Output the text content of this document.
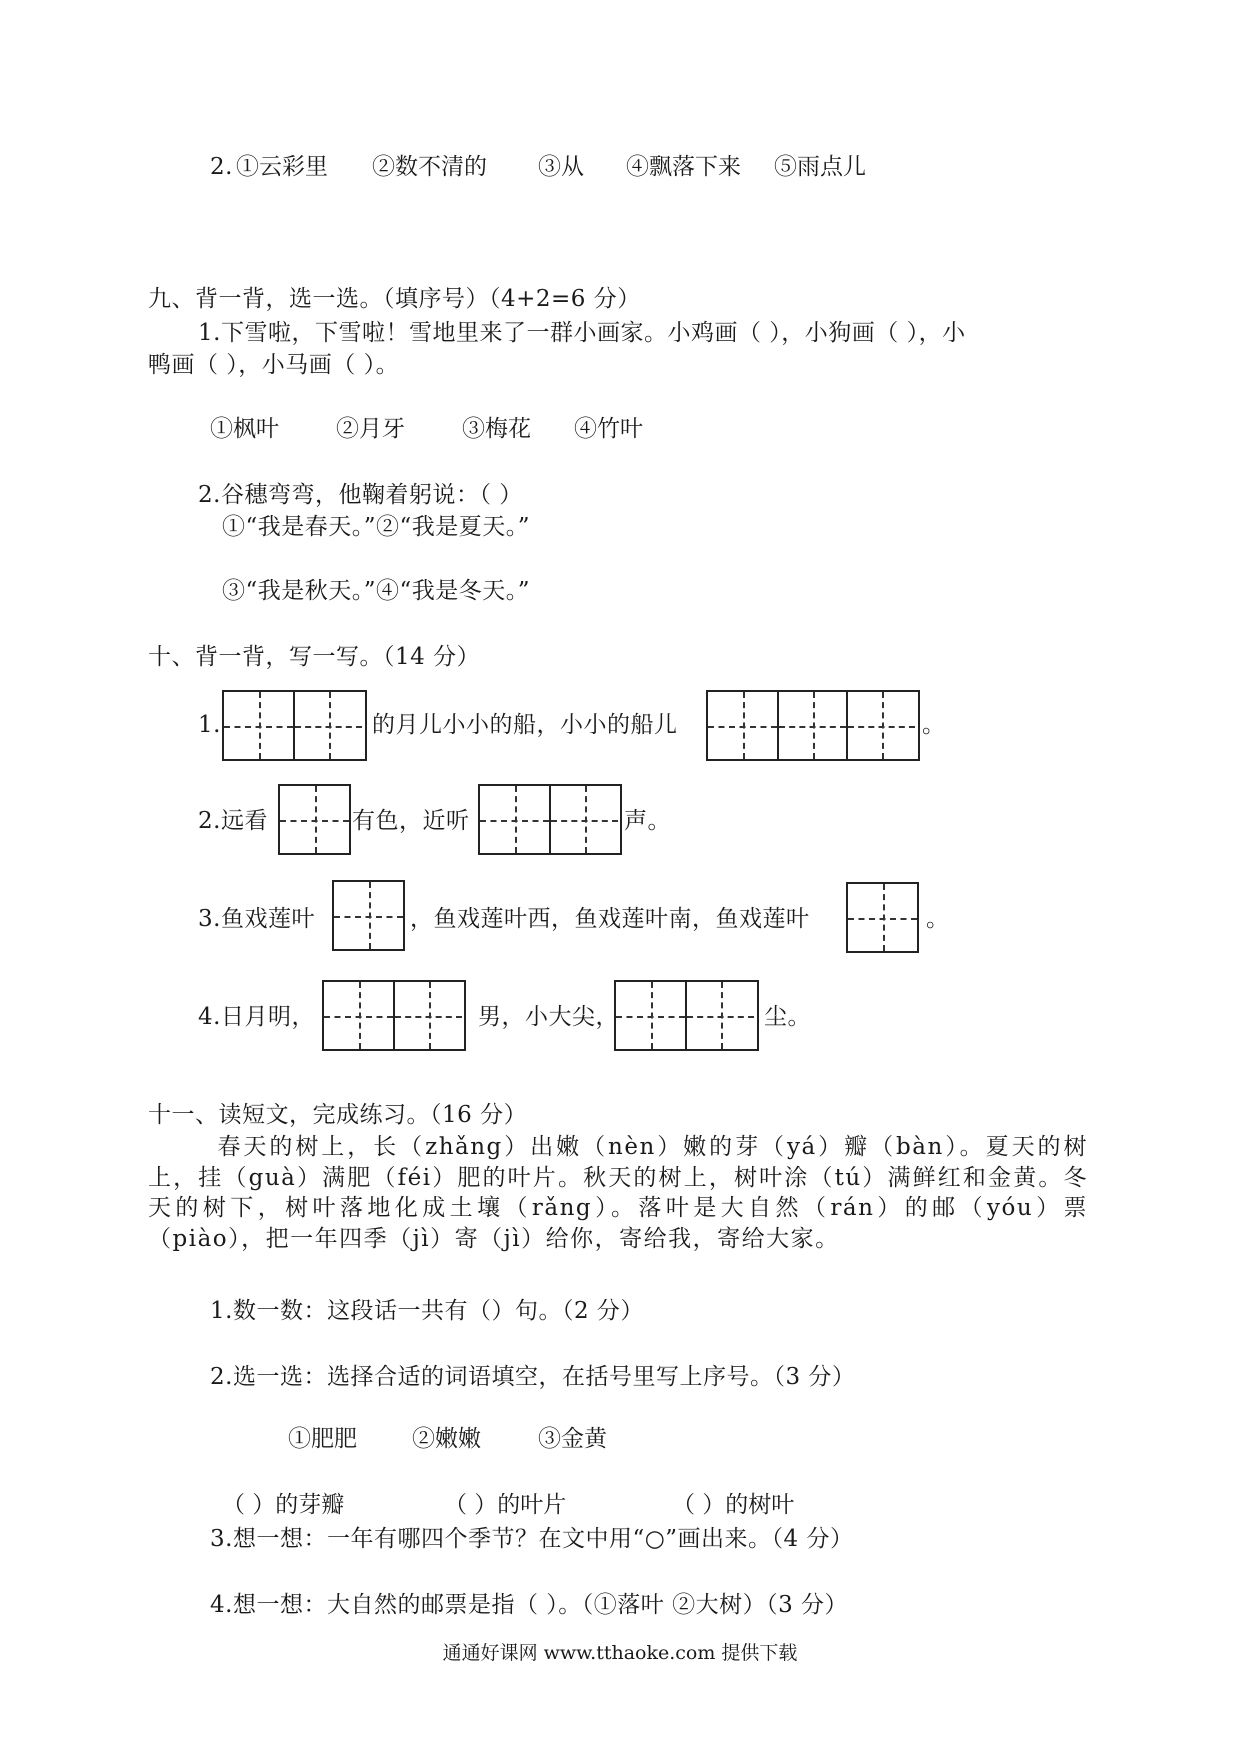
2. ①云彩里 ②数不清的 ③从 ④飘落下来 ⑤雨点儿
九、背一背，选一选。（填序号）（4+2=6 分）
1.下雪啦，下雪啦！雪地里来了一群小画家。小鸡画（ ），小狗画（ ），小
鸭画（ ），小马画（ ）。
①枫叶 ②月牙 ③梅花 ④竹叶
2.谷穗弯弯，他鞠着躬说：（ ）
①“我是春天。”②“我是夏天。”
③“我是秋天。”④“我是冬天。”
十、背一背，写一写。（14 分）
1.	的月儿小小的船，小小的船儿	。
2.远看	有色，近听	声。
3.鱼戏莲叶	，鱼戏莲叶西，鱼戏莲叶南，鱼戏莲叶	。
4.日月明，	男，小大尖，	尘。
十一、读短文，完成练习。（16 分）
春天的树上，长（zhǎng）出嫩（nèn）嫩的芽（yá）瓣（bàn）。夏天的树上，挂（guà）满肥（féi）肥的叶片。秋天的树上，树叶涂（tú）满鲜红和金黄。冬天的树下，树叶落地化成土壤（rǎng）。落叶是大自然（rán）的邮（yóu）票（piào），把一年四季（jì）寄（jì）给你，寄给我，寄给大家。
1.数一数：这段话一共有（）句。（2 分）
2.选一选：选择合适的词语填空，在括号里写上序号。（3 分）
①肥肥 ②嫩嫩 ③金黄
（ ）的芽瓣	（ ）的叶片	（ ）的树叶
3.想一想：一年有哪四个季节？在文中用“○”画出来。（4 分）
4.想一想：大自然的邮票是指（ ）。（①落叶 ②大树）（3 分）
通通好课网 www.tthaoke.com 提供下载
